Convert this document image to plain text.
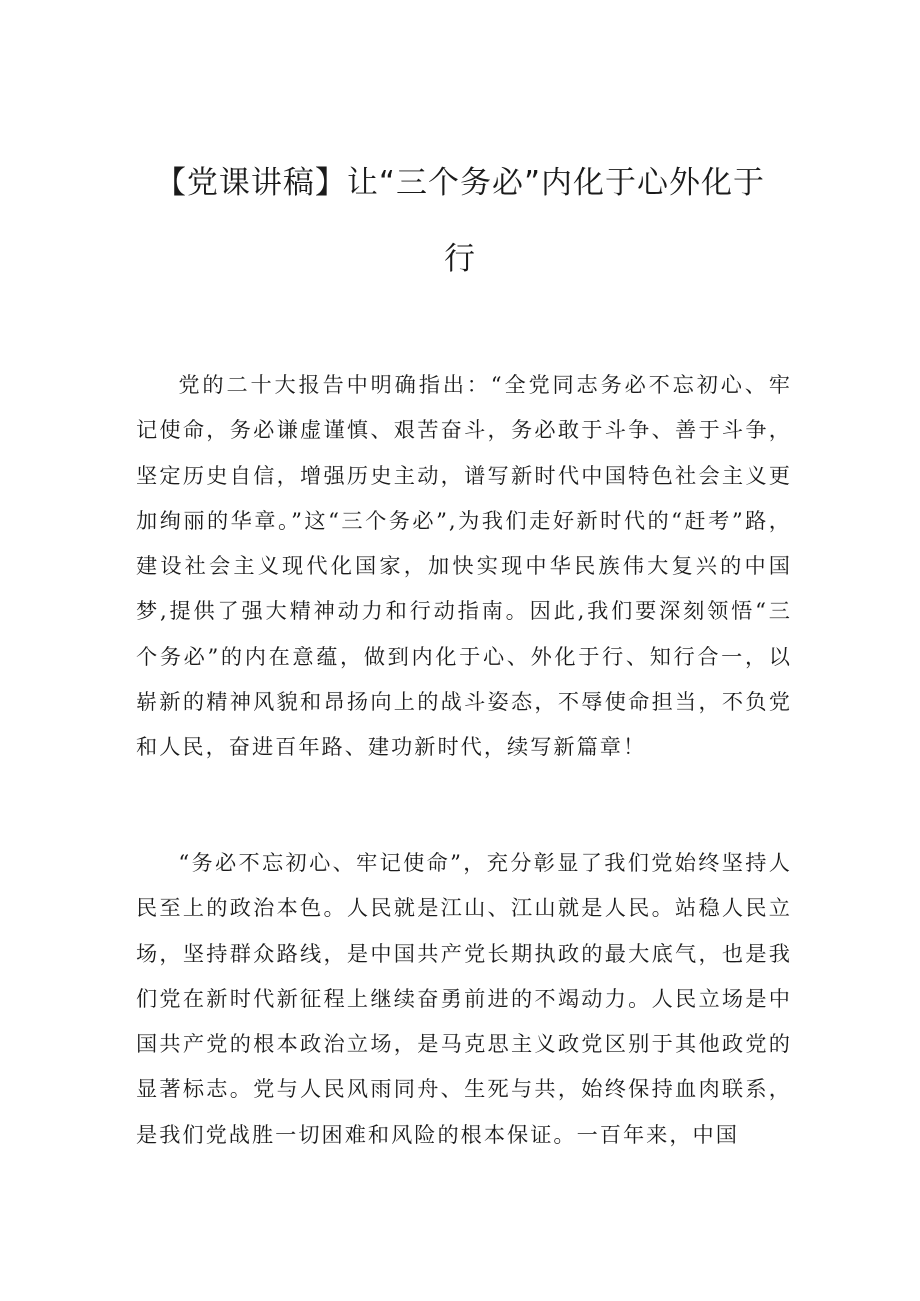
【党课讲稿】让“三个务必”内化于心外化于
行

党的二十大报告中明确指出：“全党同志务必不忘初心、牢记使命，务必谦虚谨慎、艰苦奋斗，务必敢于斗争、善于斗争，坚定历史自信，增强历史主动，谱写新时代中国特色社会主义更加绚丽的华章。”这“三个务必”,为我们走好新时代的“赶考”路，建设社会主义现代化国家，加快实现中华民族伟大复兴的中国梦,提供了强大精神动力和行动指南。因此,我们要深刻领悟“三个务必”的内在意蕴，做到内化于心、外化于行、知行合一，以崭新的精神风貌和昂扬向上的战斗姿态，不辱使命担当，不负党和人民，奋进百年路、建功新时代，续写新篇章！

“务必不忘初心、牢记使命”，充分彰显了我们党始终坚持人民至上的政治本色。人民就是江山、江山就是人民。站稳人民立场，坚持群众路线，是中国共产党长期执政的最大底气，也是我们党在新时代新征程上继续奋勇前进的不竭动力。人民立场是中国共产党的根本政治立场，是马克思主义政党区别于其他政党的显著标志。党与人民风雨同舟、生死与共，始终保持血肉联系，是我们党战胜一切困难和风险的根本保证。一百年来，中国
